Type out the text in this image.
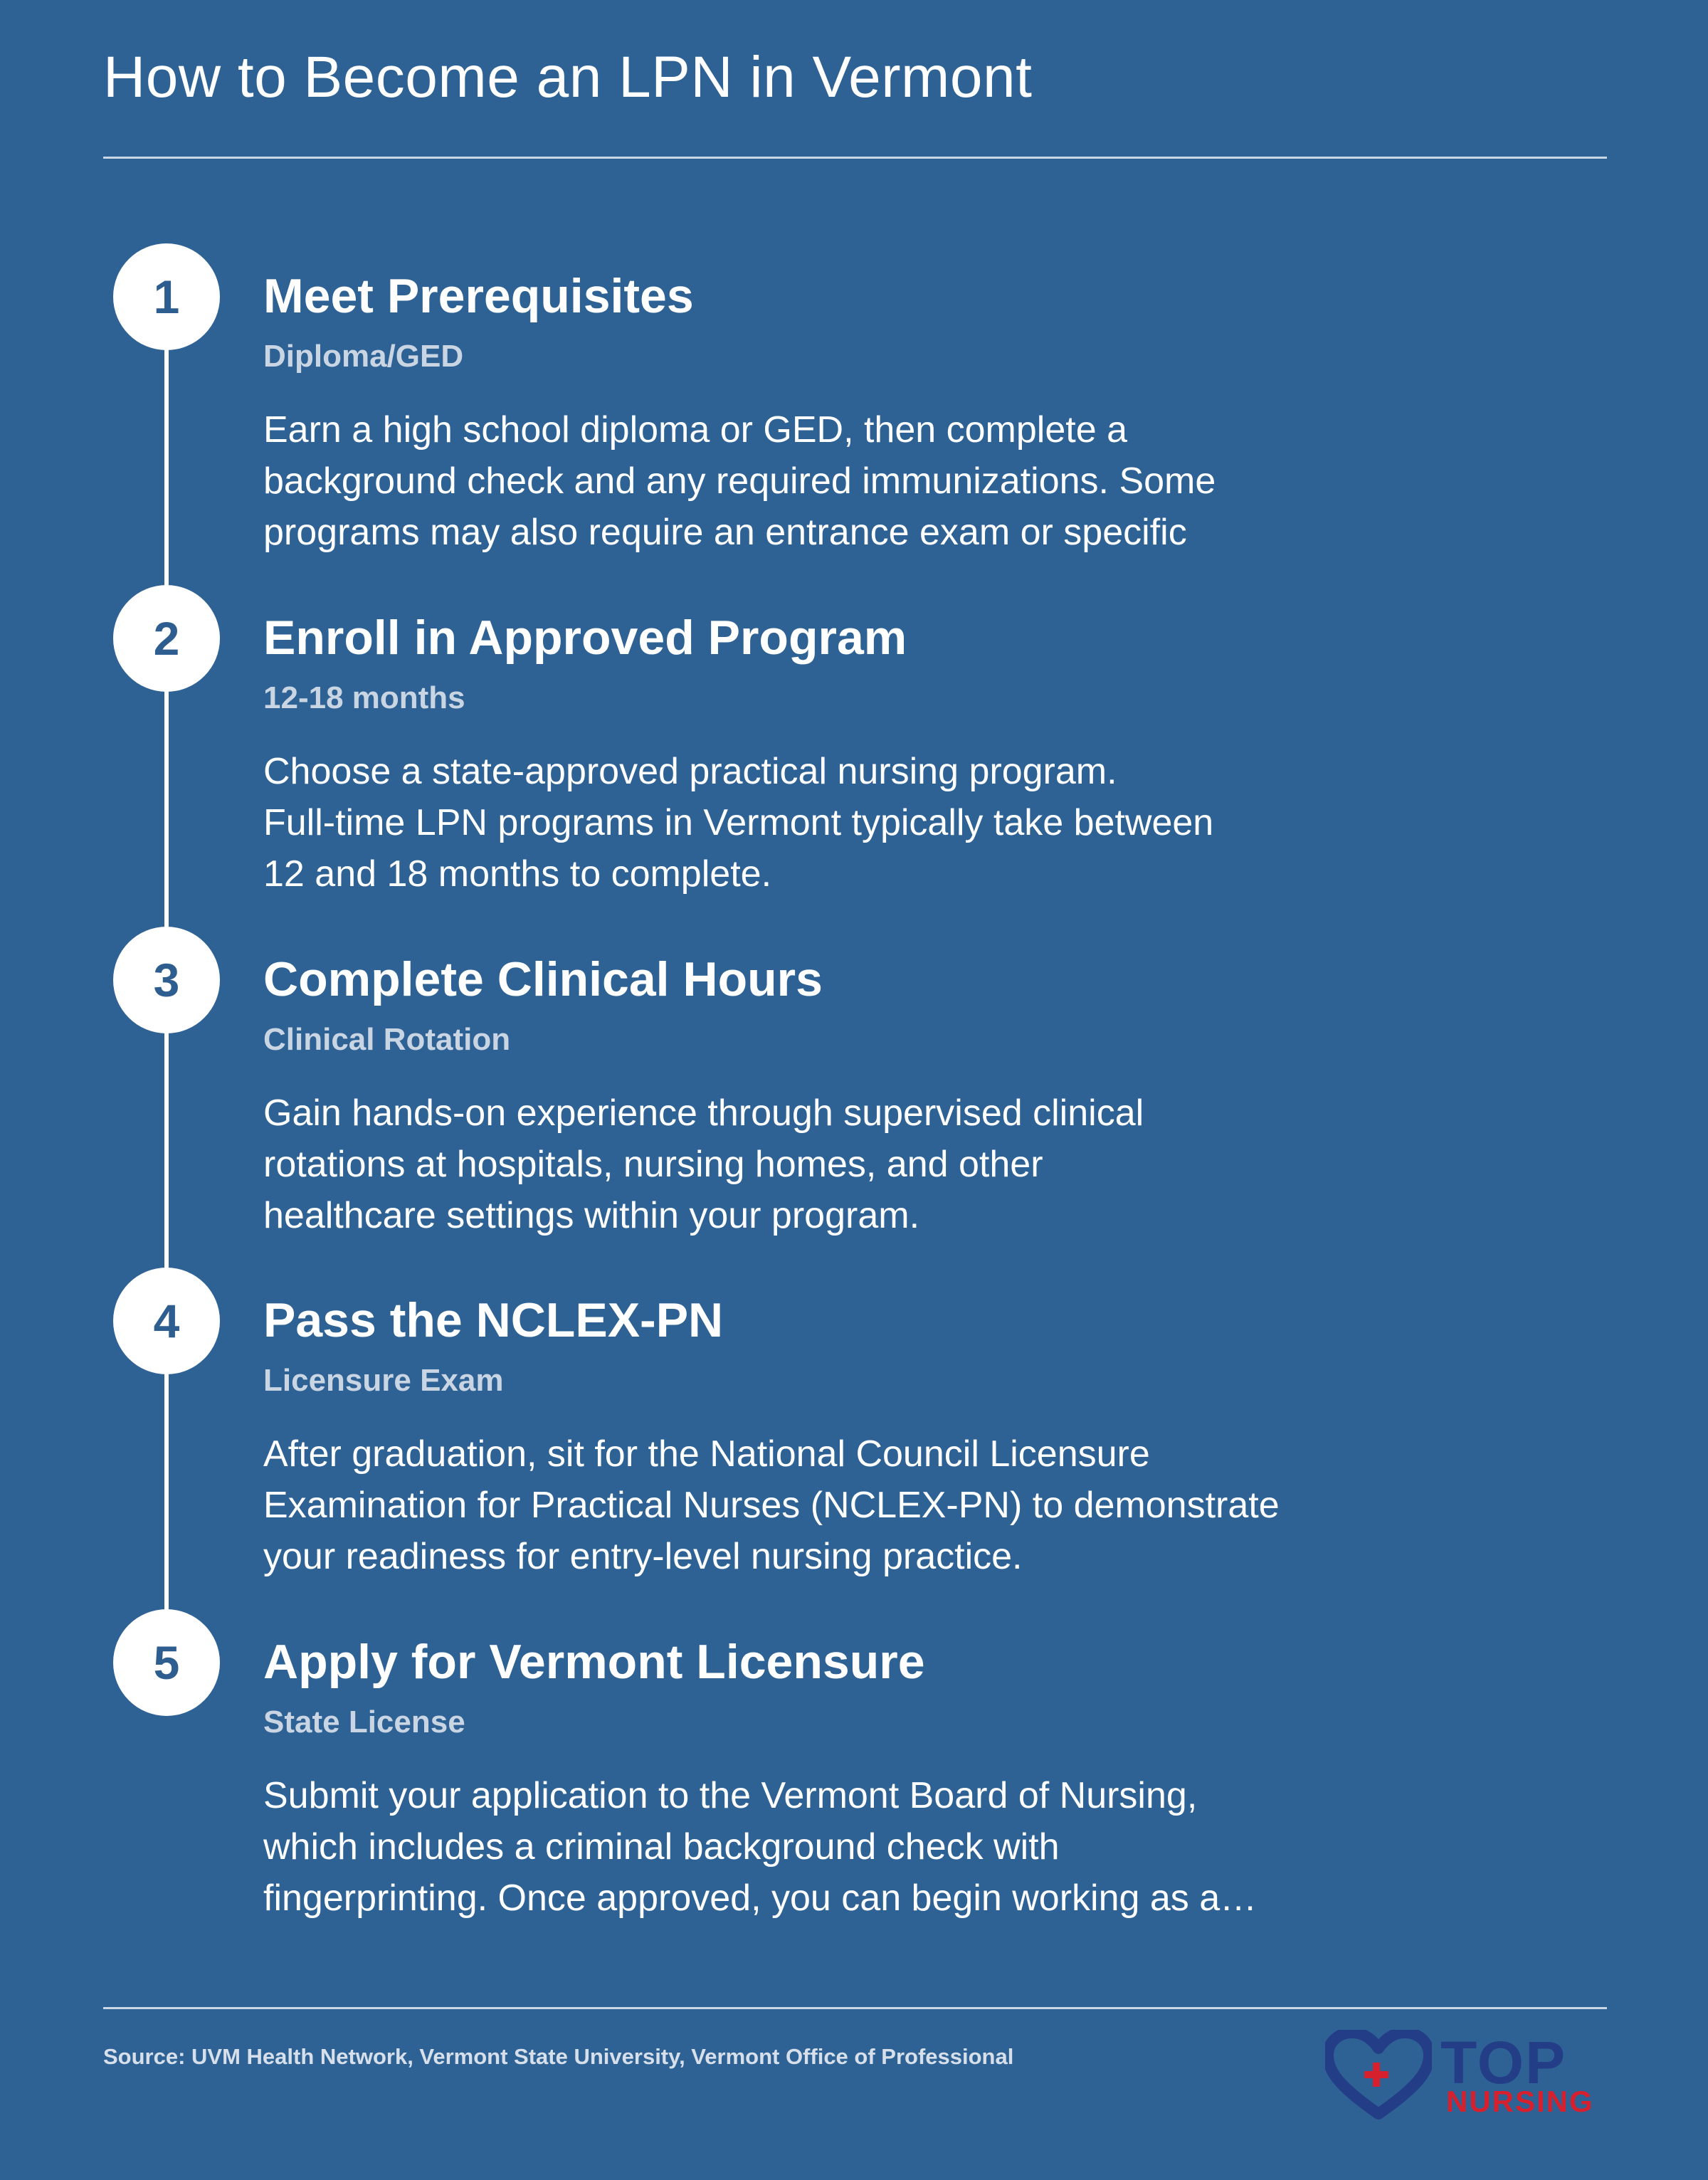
How to Become an LPN in Vermont
1	Meet Prerequisites
Diploma/GED
Earn a high school diploma or GED, then complete a
background check and any required immunizations. Some
programs may also require an entrance exam or specific
2	Enroll in Approved Program
12-18 months
Choose a state-approved practical nursing program.
Full-time LPN programs in Vermont typically take between
12 and 18 months to complete.
3	Complete Clinical Hours
Clinical Rotation
Gain hands-on experience through supervised clinical
rotations at hospitals, nursing homes, and other
healthcare settings within your program.
4	Pass the NCLEX-PN
Licensure Exam
After graduation, sit for the National Council Licensure
Examination for Practical Nurses (NCLEX-PN) to demonstrate
your readiness for entry-level nursing practice.
5	Apply for Vermont Licensure
State License
Submit your application to the Vermont Board of Nursing,
which includes a criminal background check with
fingerprinting. Once approved, you can begin working as a…
Source: UVM Health Network, Vermont State University, Vermont Office of Professional	TOP
NURSING
